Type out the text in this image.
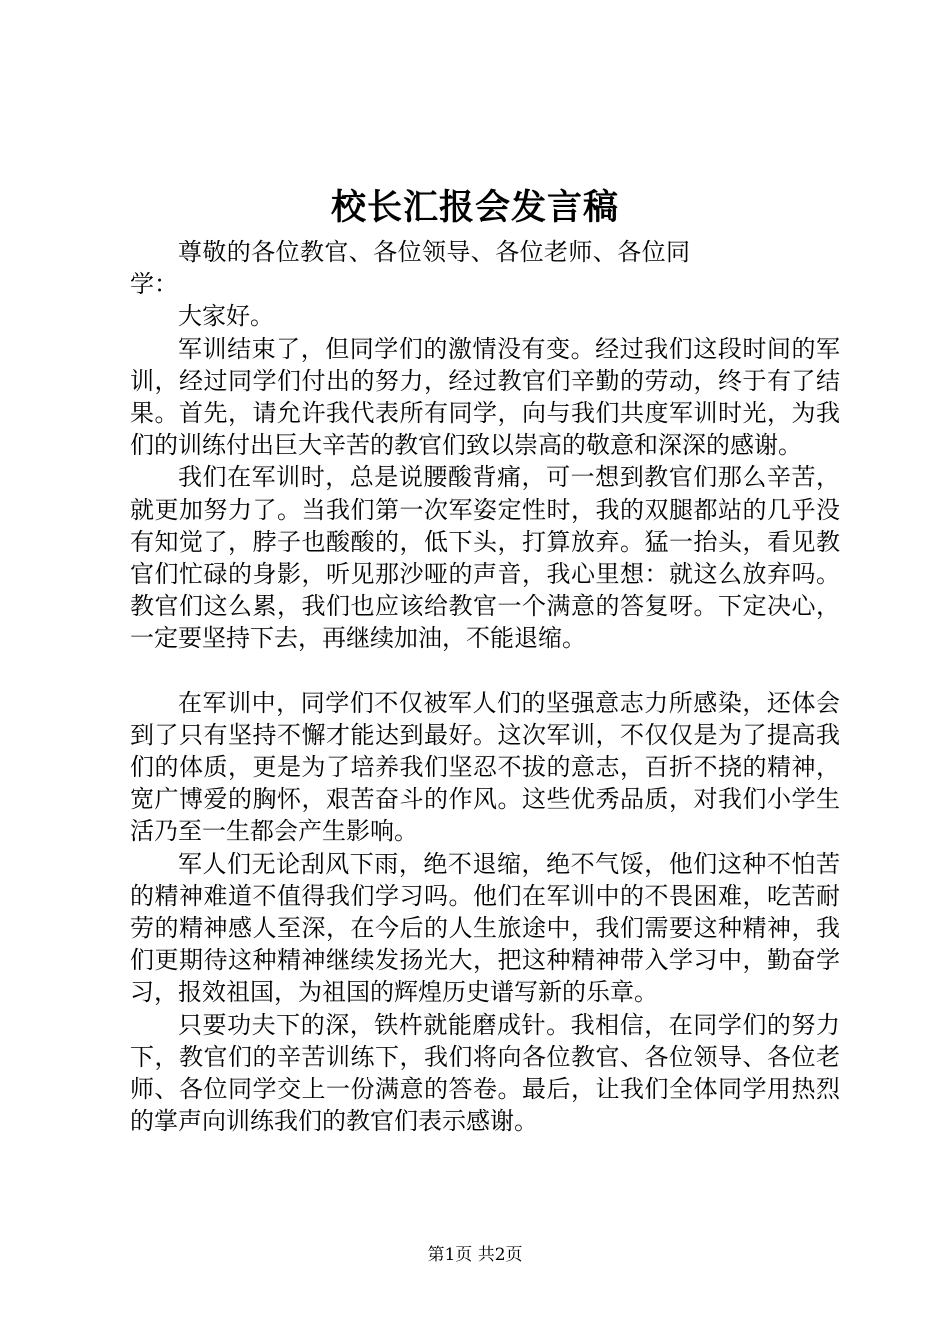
校长汇报会发言稿

尊敬的各位教官、各位领导、各位老师、各位同学：

大家好。

军训结束了，但同学们的激情没有变。经过我们这段时间的军训，经过同学们付出的努力，经过教官们辛勤的劳动，终于有了结果。首先，请允许我代表所有同学，向与我们共度军训时光，为我们的训练付出巨大辛苦的教官们致以崇高的敬意和深深的感谢。

我们在军训时，总是说腰酸背痛，可一想到教官们那么辛苦，就更加努力了。当我们第一次军姿定性时，我的双腿都站的几乎没有知觉了，脖子也酸酸的，低下头，打算放弃。猛一抬头，看见教官们忙碌的身影，听见那沙哑的声音，我心里想：就这么放弃吗。教官们这么累，我们也应该给教官一个满意的答复呀。下定决心，一定要坚持下去，再继续加油，不能退缩。

在军训中，同学们不仅被军人们的坚强意志力所感染，还体会到了只有坚持不懈才能达到最好。这次军训，不仅仅是为了提高我们的体质，更是为了培养我们坚忍不拔的意志，百折不挠的精神，宽广博爱的胸怀，艰苦奋斗的作风。这些优秀品质，对我们小学生活乃至一生都会产生影响。

军人们无论刮风下雨，绝不退缩，绝不气馁，他们这种不怕苦的精神难道不值得我们学习吗。他们在军训中的不畏困难，吃苦耐劳的精神感人至深，在今后的人生旅途中，我们需要这种精神，我们更期待这种精神继续发扬光大，把这种精神带入学习中，勤奋学习，报效祖国，为祖国的辉煌历史谱写新的乐章。

只要功夫下的深，铁杵就能磨成针。我相信，在同学们的努力下，教官们的辛苦训练下，我们将向各位教官、各位领导、各位老师、各位同学交上一份满意的答卷。最后，让我们全体同学用热烈的掌声向训练我们的教官们表示感谢。

第1页 共2页
